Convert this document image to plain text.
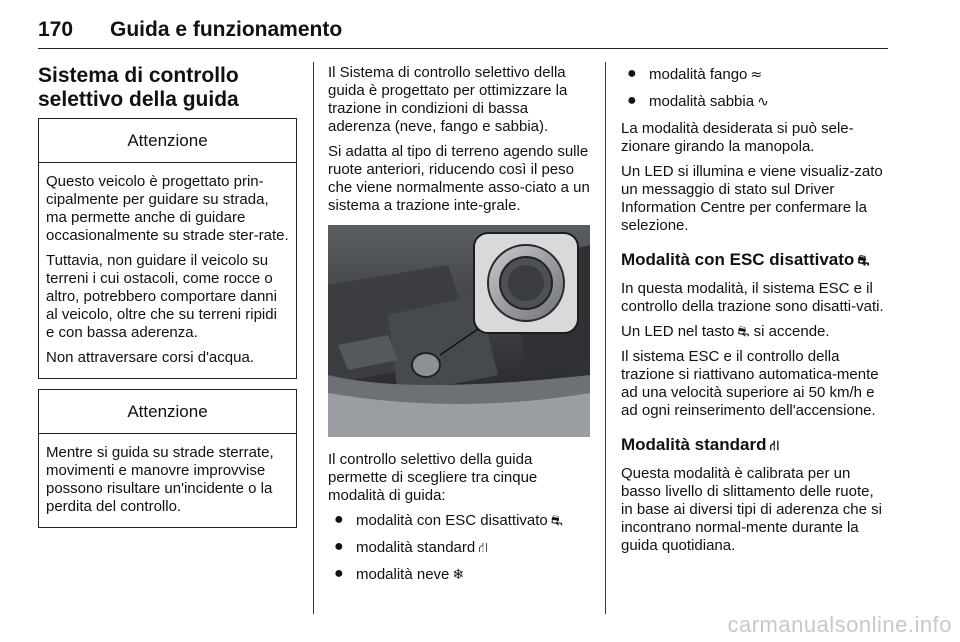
170 Guida e funzionamento
Sistema di controllo selettivo della guida
Attenzione

Questo veicolo è progettato prin-cipalmente per guidare su strada, ma permette anche di guidare occasionalmente su strade ster-rate.

Tuttavia, non guidare il veicolo su terreni i cui ostacoli, come rocce o altro, potrebbero comportare danni al veicolo, oltre che su terreni ripidi e con bassa aderenza.

Non attraversare corsi d'acqua.

Attenzione

Mentre si guida su strade sterrate, movimenti e manovre improvvise possono risultare un'incidente o la perdita del controllo.

Il Sistema di controllo selettivo della guida è progettato per ottimizzare la trazione in condizioni di bassa aderenza (neve, fango e sabbia).

Si adatta al tipo di terreno agendo sulle ruote anteriori, riducendo così il peso che viene normalmente asso-ciato a un sistema a trazione inte-grale.

Il controllo selettivo della guida permette di scegliere tra cinque modalità di guida:

● modalità con ESC disattivato ⛐
● modalità standard ⛙
● modalità neve ❄
● modalità fango ≈
● modalità sabbia ∿

La modalità desiderata si può sele-zionare girando la manopola.

Un LED si illumina e viene visualiz-zato un messaggio di stato sul Driver Information Centre per confermare la selezione.

Modalità con ESC disattivato ⛐

In questa modalità, il sistema ESC e il controllo della trazione sono disatti-vati.

Un LED nel tasto ⛐ si accende.

Il sistema ESC e il controllo della trazione si riattivano automatica-mente ad una velocità superiore ai 50 km/h e ad ogni reinserimento dell'accensione.

Modalità standard ⛙

Questa modalità è calibrata per un basso livello di slittamento delle ruote, in base ai diversi tipi di aderenza che si incontrano normal-mente durante la guida quotidiana.

carmanualsonline.info
